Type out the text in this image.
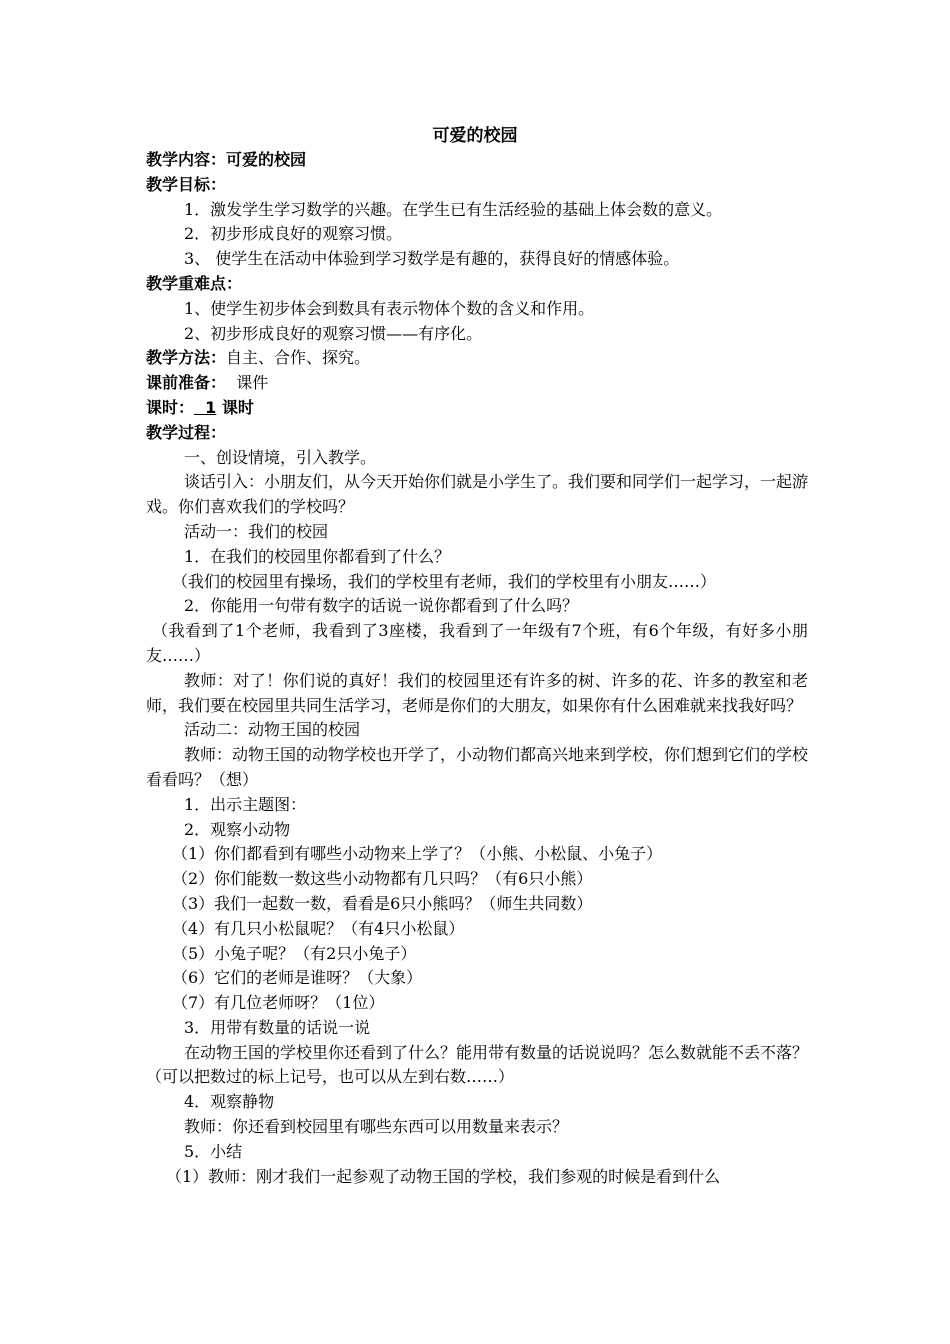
可爱的校园
教学内容：可爱的校园
教学目标：
1．激发学生学习数学的兴趣。在学生已有生活经验的基础上体会数的意义。
2．初步形成良好的观察习惯。
3、 使学生在活动中体验到学习数学是有趣的，获得良好的情感体验。
教学重难点：
1、使学生初步体会到数具有表示物体个数的含义和作用。
2、初步形成良好的观察习惯——有序化。
教学方法：自主、合作、探究。
课前准备： 课件
课时： 1 课时
教学过程：
一、创设情境，引入教学。
谈话引入：小朋友们，从今天开始你们就是小学生了。我们要和同学们一起学习，一起游戏。你们喜欢我们的学校吗？
活动一：我们的校园
1．在我们的校园里你都看到了什么？
（我们的校园里有操场，我们的学校里有老师，我们的学校里有小朋友……）
2．你能用一句带有数字的话说一说你都看到了什么吗？
（我看到了1个老师，我看到了3座楼，我看到了一年级有7个班，有6个年级，有好多小朋友……）
教师：对了！你们说的真好！我们的校园里还有许多的树、许多的花、许多的教室和老师，我们要在校园里共同生活学习，老师是你们的大朋友，如果你有什么困难就来找我好吗？
活动二：动物王国的校园
教师：动物王国的动物学校也开学了，小动物们都高兴地来到学校，你们想到它们的学校看看吗？（想）
1．出示主题图：
2．观察小动物
（1）你们都看到有哪些小动物来上学了？（小熊、小松鼠、小兔子）
（2）你们能数一数这些小动物都有几只吗？（有6只小熊）
（3）我们一起数一数，看看是6只小熊吗？（师生共同数）
（4）有几只小松鼠呢？（有4只小松鼠）
（5）小兔子呢？（有2只小兔子）
（6）它们的老师是谁呀？（大象）
（7）有几位老师呀？（1位）
3．用带有数量的话说一说
在动物王国的学校里你还看到了什么？能用带有数量的话说说吗？怎么数就能不丢不落？（可以把数过的标上记号，也可以从左到右数……）
4．观察静物
教师：你还看到校园里有哪些东西可以用数量来表示？
5．小结
（1）教师：刚才我们一起参观了动物王国的学校，我们参观的时候是看到什么
